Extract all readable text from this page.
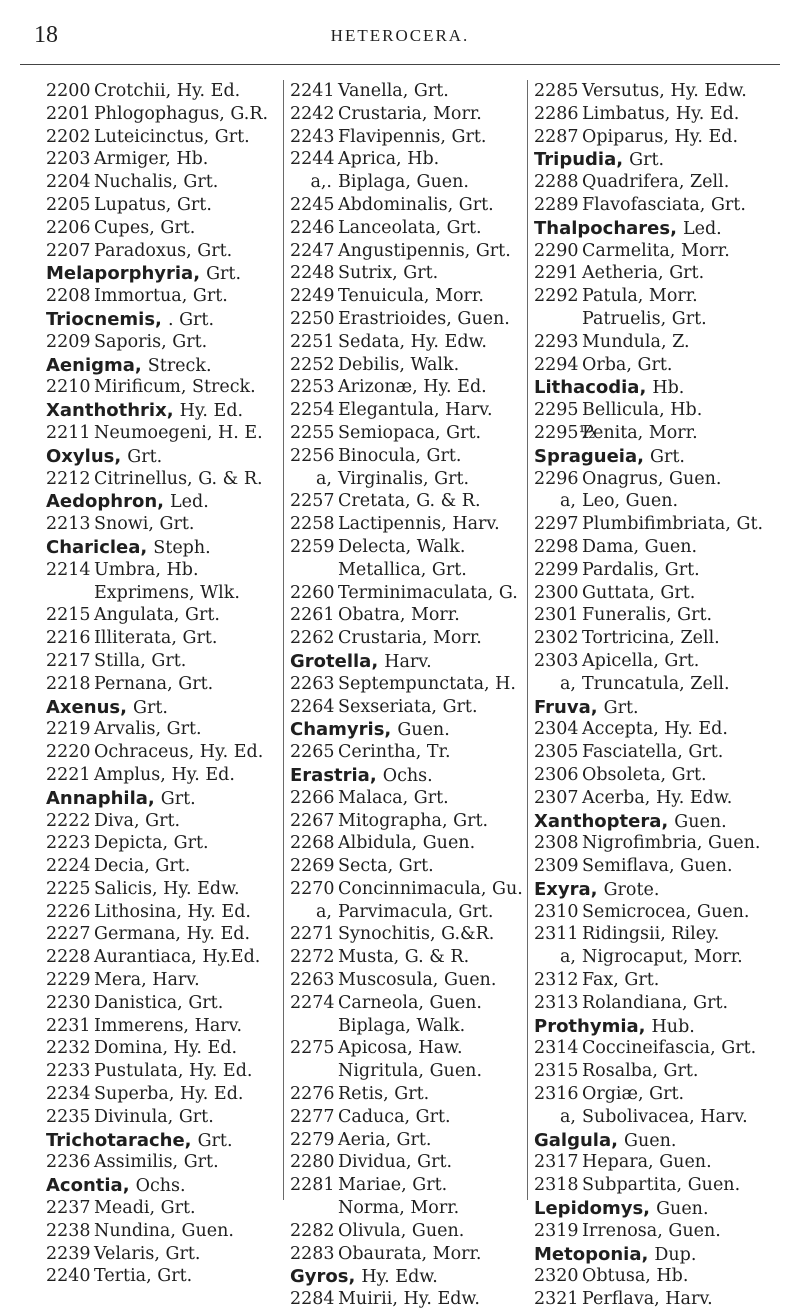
18	HETEROCERA.
2200 Crotchii, Hy. Ed.
2201 Phlogophagus, G.R.
2202 Luteicinctus, Grt.
2203 Armiger, Hb.
2204 Nuchalis, Grt.
2205 Lupatus, Grt.
2206 Cupes, Grt.
2207 Paradoxus, Grt.
Melaporphyria, Grt.
2208 Immortua, Grt.
Triocnemis, . Grt.
2209 Saporis, Grt.
Aenigma, Streck.
2210 Mirificum, Streck.
Xanthothrix, Hy. Ed.
2211 Neumoegeni, H. E.
Oxylus, Grt.
2212 Citrinellus, G. & R.
Aedophron, Led.
2213 Snowi, Grt.
Chariclea, Steph.
2214 Umbra, Hb.
Exprimens, Wlk.
2215 Angulata, Grt.
2216 Illiterata, Grt.
2217 Stilla, Grt.
2218 Pernana, Grt.
Axenus, Grt.
2219 Arvalis, Grt.
2220 Ochraceus, Hy. Ed.
2221 Amplus, Hy. Ed.
Annaphila, Grt.
2222 Diva, Grt.
2223 Depicta, Grt.
2224 Decia, Grt.
2225 Salicis, Hy. Edw.
2226 Lithosina, Hy. Ed.
2227 Germana, Hy. Ed.
2228 Aurantiaca, Hy.Ed.
2229 Mera, Harv.
2230 Danistica, Grt.
2231 Immerens, Harv.
2232 Domina, Hy. Ed.
2233 Pustulata, Hy. Ed.
2234 Superba, Hy. Ed.
2235 Divinula, Grt.
Trichotarache, Grt.
2236 Assimilis, Grt.
Acontia, Ochs.
2237 Meadi, Grt.
2238 Nundina, Guen.
2239 Velaris, Grt.
2240 Tertia, Grt.
2241 Vanella, Grt.
2242 Crustaria, Morr.
2243 Flavipennis, Grt.
2244 Aprica, Hb.
a,. Biplaga, Guen.
2245 Abdominalis, Grt.
2246 Lanceolata, Grt.
2247 Angustipennis, Grt.
2248 Sutrix, Grt.
2249 Tenuicula, Morr.
2250 Erastrioides, Guen.
2251 Sedata, Hy. Edw.
2252 Debilis, Walk.
2253 Arizonæ, Hy. Ed.
2254 Elegantula, Harv.
2255 Semiopaca, Grt.
2256 Binocula, Grt.
a, Virginalis, Grt.
2257 Cretata, G. & R.
2258 Lactipennis, Harv.
2259 Delecta, Walk.
Metallica, Grt.
2260 Terminimaculata, G.
2261 Obatra, Morr.
2262 Crustaria, Morr.
Grotella, Harv.
2263 Septempunctata, H.
2264 Sexseriata, Grt.
Chamyris, Guen.
2265 Cerintha, Tr.
Erastria, Ochs.
2266 Malaca, Grt.
2267 Mitographa, Grt.
2268 Albidula, Guen.
2269 Secta, Grt.
2270 Concinnimacula, Gu.
a, Parvimacula, Grt.
2271 Synochitis, G.&R.
2272 Musta, G. & R.
2263 Muscosula, Guen.
2274 Carneola, Guen.
Biplaga, Walk.
2275 Apicosa, Haw.
Nigritula, Guen.
2276 Retis, Grt.
2277 Caduca, Grt.
2279 Aeria, Grt.
2280 Dividua, Grt.
2281 Mariae, Grt.
Norma, Morr.
2282 Olivula, Guen.
2283 Obaurata, Morr.
Gyros, Hy. Edw.
2284 Muirii, Hy. Edw.
2285 Versutus, Hy. Edw.
2286 Limbatus, Hy. Ed.
2287 Opiparus, Hy. Ed.
Tripudia, Grt.
2288 Quadrifera, Zell.
2289 Flavofasciata, Grt.
Thalpochares, Led.
2290 Carmelita, Morr.
2291 Aetheria, Grt.
2292 Patula, Morr.
Patruelis, Grt.
2293 Mundula, Z.
2294 Orba, Grt.
Lithacodia, Hb.
2295 Bellicula, Hb.
2295½Penita, Morr.
Spragueia, Grt.
2296 Onagrus, Guen.
a, Leo, Guen.
2297 Plumbifimbriata, Gt.
2298 Dama, Guen.
2299 Pardalis, Grt.
2300 Guttata, Grt.
2301 Funeralis, Grt.
2302 Tortricina, Zell.
2303 Apicella, Grt.
a, Truncatula, Zell.
Fruva, Grt.
2304 Accepta, Hy. Ed.
2305 Fasciatella, Grt.
2306 Obsoleta, Grt.
2307 Acerba, Hy. Edw.
Xanthoptera, Guen.
2308 Nigrofimbria, Guen.
2309 Semiflava, Guen.
Exyra, Grote.
2310 Semicrocea, Guen.
2311 Ridingsii, Riley.
a, Nigrocaput, Morr.
2312 Fax, Grt.
2313 Rolandiana, Grt.
Prothymia, Hub.
2314 Coccineifascia, Grt.
2315 Rosalba, Grt.
2316 Orgiæ, Grt.
a, Subolivacea, Harv.
Galgula, Guen.
2317 Hepara, Guen.
2318 Subpartita, Guen.
Lepidomys, Guen.
2319 Irrenosa, Guen.
Metoponia, Dup.
2320 Obtusa, Hb.
2321 Perflava, Harv.
